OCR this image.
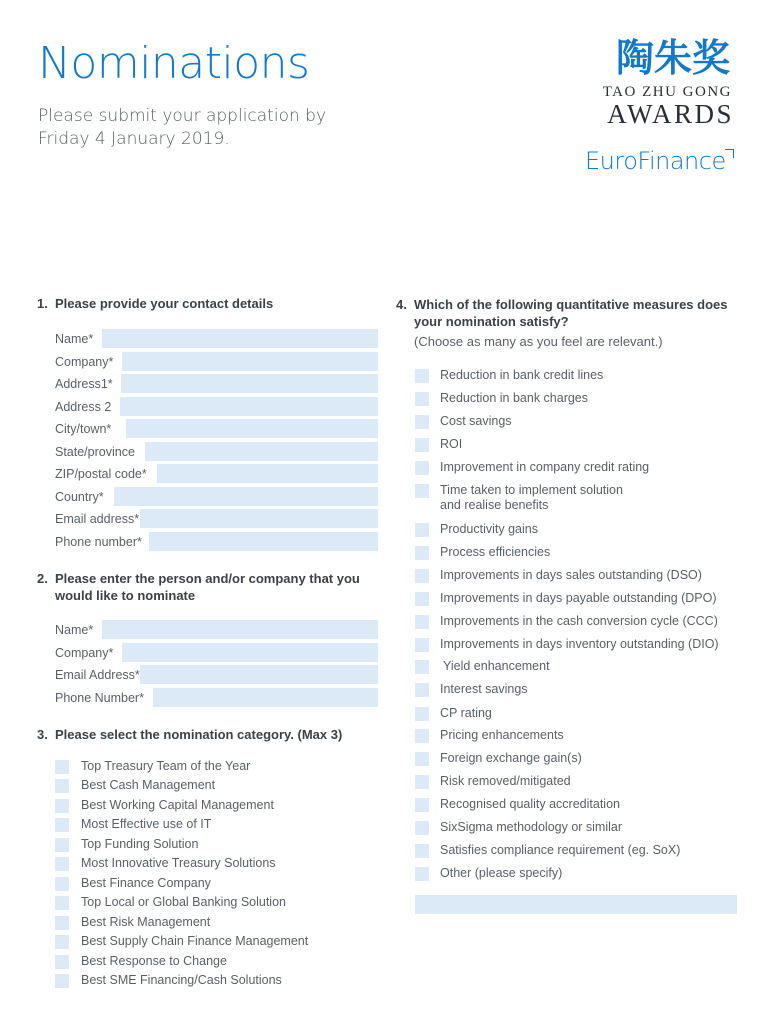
Nominations
Please submit your application by Friday 4 January 2019.
陶朱奖
TAO ZHU GONG
AWARDS
EuroFinance
1. Please provide your contact details
Name*
Company*
Address1*
Address 2
City/town*
State/province
ZIP/postal code*
Country*
Email address*
Phone number*
2. Please enter the person and/or company that you
would like to nominate
Name*
Company*
Email Address*
Phone Number*
3. Please select the nomination category. (Max 3)
Top Treasury Team of the Year
Best Cash Management
Best Working Capital Management
Most Effective use of IT
Top Funding Solution
Most Innovative Treasury Solutions
Best Finance Company
Top Local or Global Banking Solution
Best Risk Management
Best Supply Chain Finance Management
Best Response to Change
Best SME Financing/Cash Solutions
4. Which of the following quantitative measures does
your nomination satisfy?
(Choose as many as you feel are relevant.)
Reduction in bank credit lines
Reduction in bank charges
Cost savings
ROI
Improvement in company credit rating
Time taken to implement solution
and realise benefits
Productivity gains
Process efficiencies
Improvements in days sales outstanding (DSO)
Improvements in days payable outstanding (DPO)
Improvements in the cash conversion cycle (CCC)
Improvements in days inventory outstanding (DIO)
Yield enhancement
Interest savings
CP rating
Pricing enhancements
Foreign exchange gain(s)
Risk removed/mitigated
Recognised quality accreditation
SixSigma methodology or similar
Satisfies compliance requirement (eg. SoX)
Other (please specify)
